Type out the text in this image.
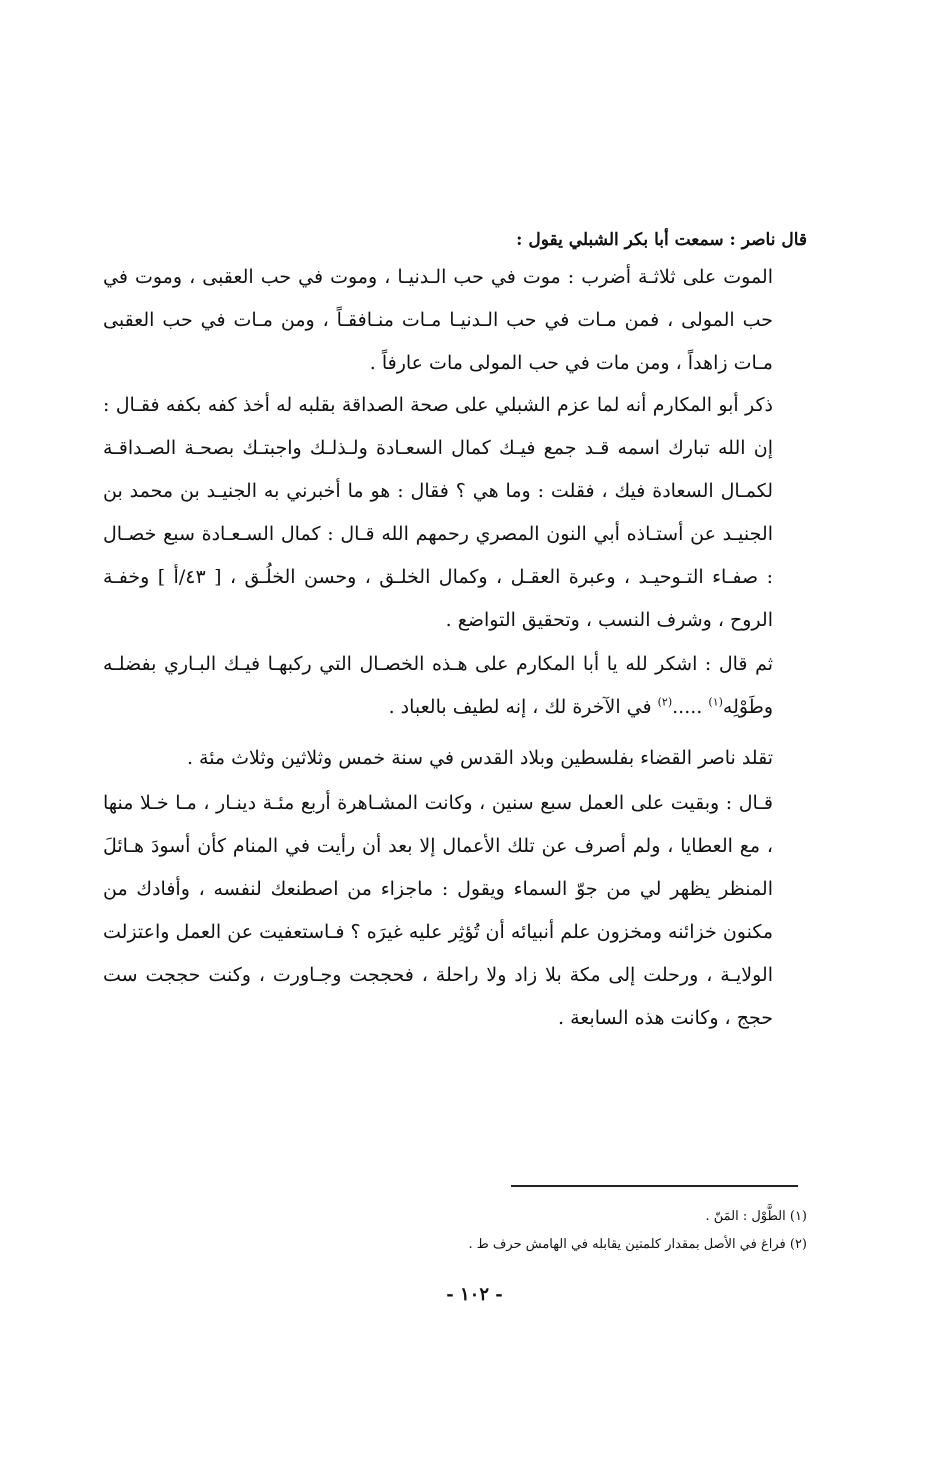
قال ناصر : سمعت أبا بكر الشبلي يقول :

الموت على ثلاثـة أضرب : موت في حب الـدنيـا ، وموت في حب العقبى ، وموت في حب المولى ، فمن مـات في حب الـدنيـا مـات منـافقـاً ، ومن مـات في حب العقبى مـات زاهداً ، ومن مات في حب المولى مات عارفاً .

ذكر أبو المكارم أنه لما عزم الشبلي على صحة الصداقة بقلبه له أخذ كفه بكفه فقـال : إن الله تبارك اسمه قـد جمع فيـك كمال السعـادة ولـذلـك واجبتـك بصحـة الصـداقـة لكمـال السعادة فيك ، فقلت : وما هي ؟ فقال : هو ما أخبرني به الجنيـد بن محمد بن الجنيـد عن أستـاذه أبي النون المصري رحمهم الله قـال : كمال السـعـادة سبع خصـال : صفـاء التـوحيـد ، وعبرة العقـل ، وكمال الخلـق ، وحسن الخلُـق ، [ ٤٣/أ ] وخفـة الروح ، وشرف النسب ، وتحقيق التواضع .

ثم قال : اشكر لله يا أبا المكارم على هـذه الخصـال التي ركبهـا فيـك البـاري بفضلـه وطَوْلِه$^{(١)}$ .....$^{(٢)}$ في الآخرة لك ، إنه لطيف بالعباد .

تقلد ناصر القضاء بفلسطين وبلاد القدس في سنة خمس وثلاثين وثلاث مئة .

قـال : وبقيت على العمل سبع سنين ، وكانت المشـاهرة أربع مئـة دينـار ، مـا خـلا منها ، مع العطايا ، ولم أصرف عن تلك الأعمال إلا بعد أن رأيت في المنام كأن أسودَ هـائلَ المنظر يظهر لي من جوّ السماء ويقول : ماجزاء من اصطنعك لنفسه ، وأفادك من مكنون خزائنه ومخزون علم أنبيائه أن تُؤثِر عليه غيرَه ؟ فـاستعفيت عن العمل واعتزلت الولايـة ، ورحلت إلى مكة بلا زاد ولا راحلة ، فحججت وجـاورت ، وكنت حججت ست حجج ، وكانت هذه السابعة .

(١) الطَّوْل : المَنّ .
(٢) فراغ في الأصل بمقدار كلمتين يقابله في الهامش حرف ط .
- ١٠٢ -
